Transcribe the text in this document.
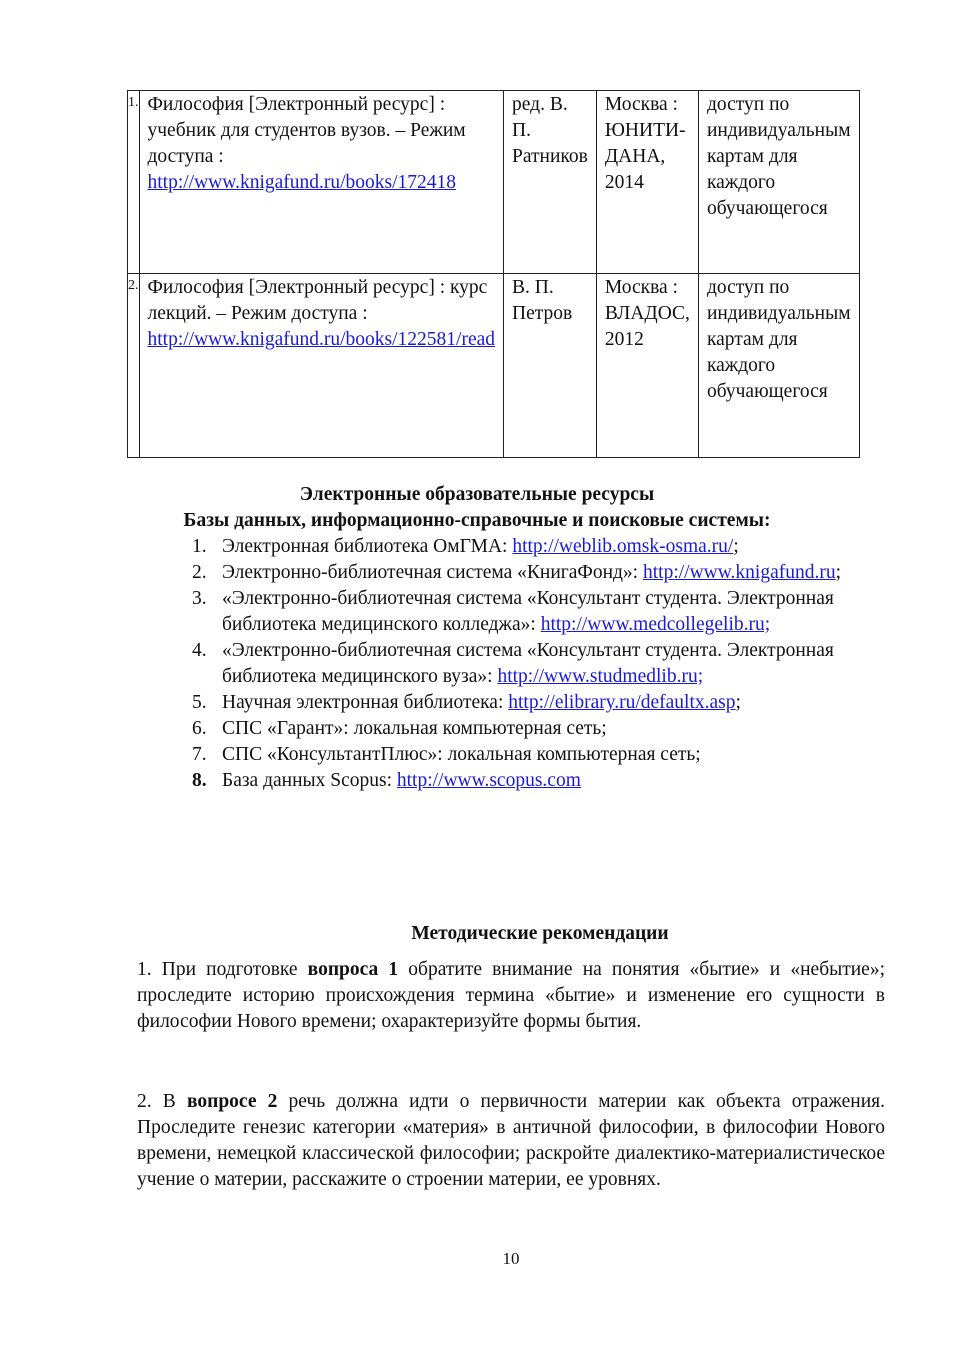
1.	Философия [Электронный ресурс] : учебник для студентов вузов. – Режим доступа : http://www.knigafund.ru/books/172418	ред. В. П. Ратников	Москва : ЮНИТИ-ДАНА, 2014	доступ по индивидуальным картам для каждого обучающегося
2.	Философия [Электронный ресурс] : курс лекций. – Режим доступа : http://www.knigafund.ru/books/122581/read	В. П. Петров	Москва : ВЛАДОС, 2012	доступ по индивидуальным картам для каждого обучающегося
Электронные образовательные ресурсы
Базы данных, информационно-справочные и поисковые системы:
1. Электронная библиотека ОмГМА: http://weblib.omsk-osma.ru/;
2. Электронно-библиотечная система «КнигаФонд»: http://www.knigafund.ru;
3. «Электронно-библиотечная система «Консультант студента. Электронная библиотека медицинского колледжа»: http://www.medcollegelib.ru;
4. «Электронно-библиотечная система «Консультант студента. Электронная библиотека медицинского вуза»: http://www.studmedlib.ru;
5. Научная электронная библиотека: http://elibrary.ru/defaultx.asp;
6. СПС «Гарант»: локальная компьютерная сеть;
7. СПС «КонсультантПлюс»: локальная компьютерная сеть;
8. База данных Scopus: http://www.scopus.com
Методические рекомендации

1. При подготовке вопроса 1 обратите внимание на понятия «бытие» и «небытие»; проследите историю происхождения термина «бытие» и изменение его сущности в философии Нового времени; охарактеризуйте формы бытия.

2. В вопросе 2 речь должна идти о первичности материи как объекта отражения. Проследите генезис категории «материя» в античной философии, в философии Нового времени, немецкой классической философии; раскройте диалектико-материалистическое учение о материи, расскажите о строении материи, ее уровнях.

10
